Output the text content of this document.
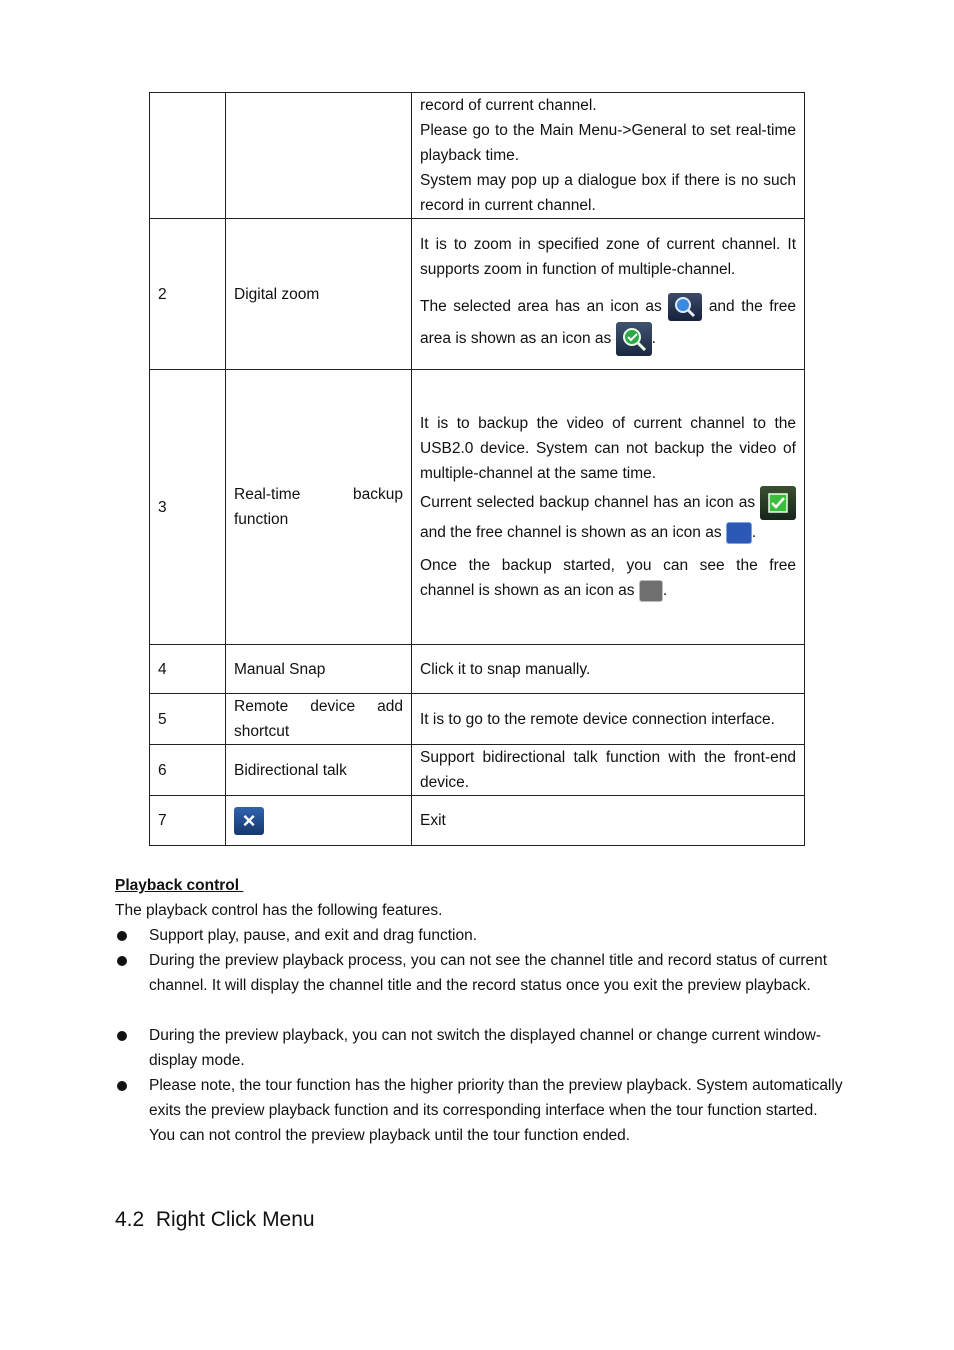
		record of current channel.
Please go to the Main Menu->General to set real-time playback time.
System may pop up a dialogue box if there is no such record in current channel.

2	Digital zoom	It is to zoom in specified zone of current channel. It supports zoom in function of multiple-channel.
The selected area has an icon as and the free area is shown as an icon as .

3	Real-time backup function	It is to backup the video of current channel to the USB2.0 device. System can not backup the video of multiple-channel at the same time.
Current selected backup channel has an icon as  and the free channel is shown as an icon as .
Once the backup started, you can see the free channel is shown as an icon as .

4	Manual Snap	Click it to snap manually.
5	Remote device add shortcut	It is to go to the remote device connection interface.
6	Bidirectional talk	Support bidirectional talk function with the front-end device.
7	×	Exit
Playback control
The playback control has the following features.
Support play, pause, and exit and drag function.
During the preview playback process, you can not see the channel title and record status of current channel. It will display the channel title and the record status once you exit the preview playback.
During the preview playback, you can not switch the displayed channel or change current window-display mode.
Please note, the tour function has the higher priority than the preview playback. System automatically exits the preview playback function and its corresponding interface when the tour function started. You can not control the preview playback until the tour function ended.
4.2 Right Click Menu
